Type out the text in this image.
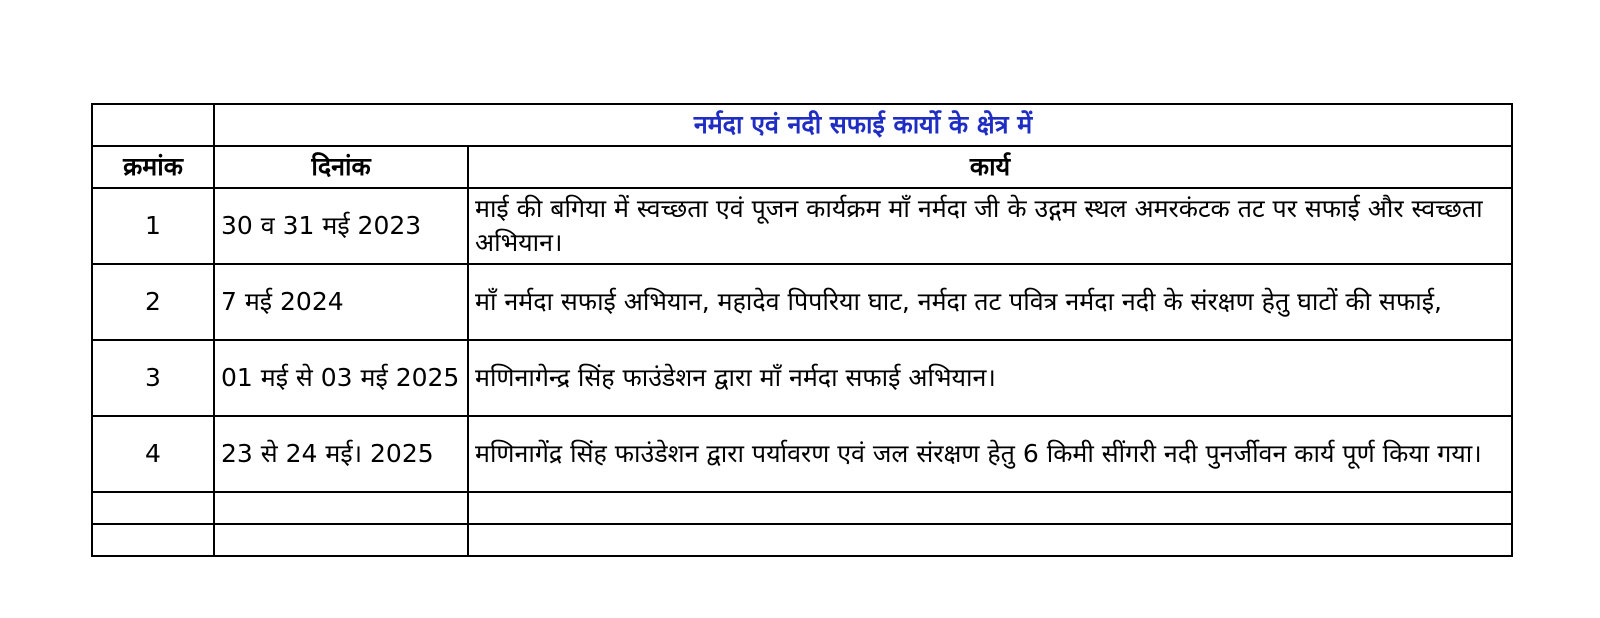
	नर्मदा एवं नदी सफाई कार्यो के क्षेत्र में	
क्रमांक	दिनांक	कार्य
1	30 व 31 मई 2023	माई की बगिया में स्वच्छता एवं पूजन कार्यक्रम माँ नर्मदा जी के उद्गम स्थल अमरकंटक तट पर सफाई और स्वच्छता अभियान।
2	7 मई 2024	माँ नर्मदा सफाई अभियान, महादेव पिपरिया घाट, नर्मदा तट पवित्र नर्मदा नदी के संरक्षण हेतु घाटों की सफाई,
3	01 मई से 03 मई 2025	मणिनागेन्द्र सिंह फाउंडेशन द्वारा माँ नर्मदा सफाई अभियान।
4	23 से 24 मई। 2025	मणिनागेंद्र सिंह फाउंडेशन द्वारा पर्यावरण एवं जल संरक्षण हेतु 6 किमी सींगरी नदी पुनर्जीवन कार्य पूर्ण किया गया।
